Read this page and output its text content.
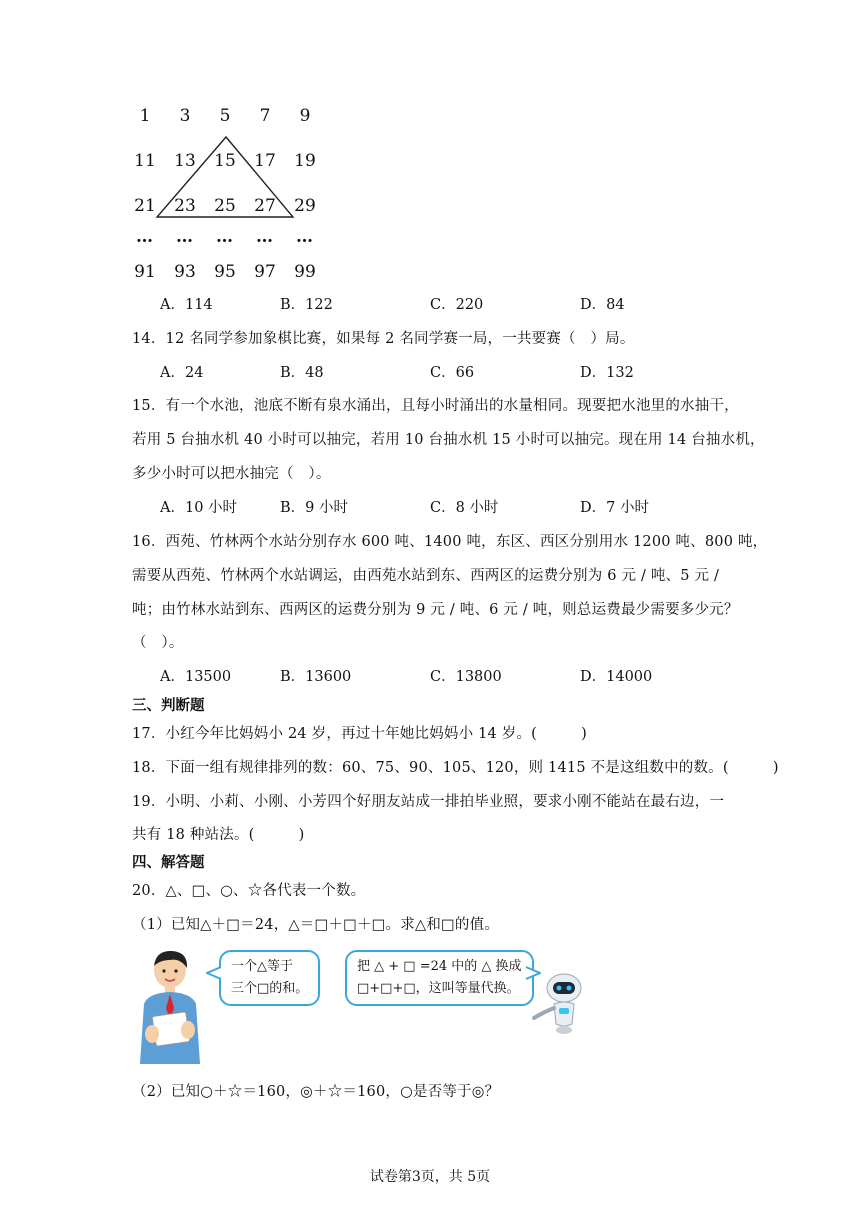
1	3	5	7	9
11	13	15	17	19
21	23	25	27	29
…	…	…	…	…
91	93	95	97	99
A．114	B．122	C．220	D．84
14．12 名同学参加象棋比赛，如果每 2 名同学赛一局，一共要赛（　）局。
A．24	B．48	C．66	D．132
15．有一个水池，池底不断有泉水涌出，且每小时涌出的水量相同。现要把水池里的水抽干，
若用 5 台抽水机 40 小时可以抽完，若用 10 台抽水机 15 小时可以抽完。现在用 14 台抽水机，
多少小时可以把水抽完（　）。
A．10 小时	B．9 小时	C．8 小时	D．7 小时
16．西苑、竹林两个水站分别存水 600 吨、1400 吨，东区、西区分别用水 1200 吨、800 吨，
需要从西苑、竹林两个水站调运，由西苑水站到东、西两区的运费分别为 6 元 / 吨、5 元 /
吨；由竹林水站到东、西两区的运费分别为 9 元 / 吨、6 元 / 吨，则总运费最少需要多少元？
（　）。
A．13500	B．13600	C．13800	D．14000
三、判断题
17．小红今年比妈妈小 24 岁，再过十年她比妈妈小 14 岁。(　　　)
18．下面一组有规律排列的数：60、75、90、105、120，则 1415 不是这组数中的数。(　　　)
19．小明、小莉、小刚、小芳四个好朋友站成一排拍毕业照，要求小刚不能站在最右边，一
共有 18 种站法。(　　　)
四、解答题
20．△、□、○、☆各代表一个数。
（1）已知△＋□＝24，△＝□＋□＋□。求△和□的值。
一个△等于
三个□的和。
把 △ + □ =24 中的 △ 换成
□+□+□，这叫等量代换。
（2）已知○＋☆＝160，◎＋☆＝160，○是否等于◎？
试卷第3页，共 5页
